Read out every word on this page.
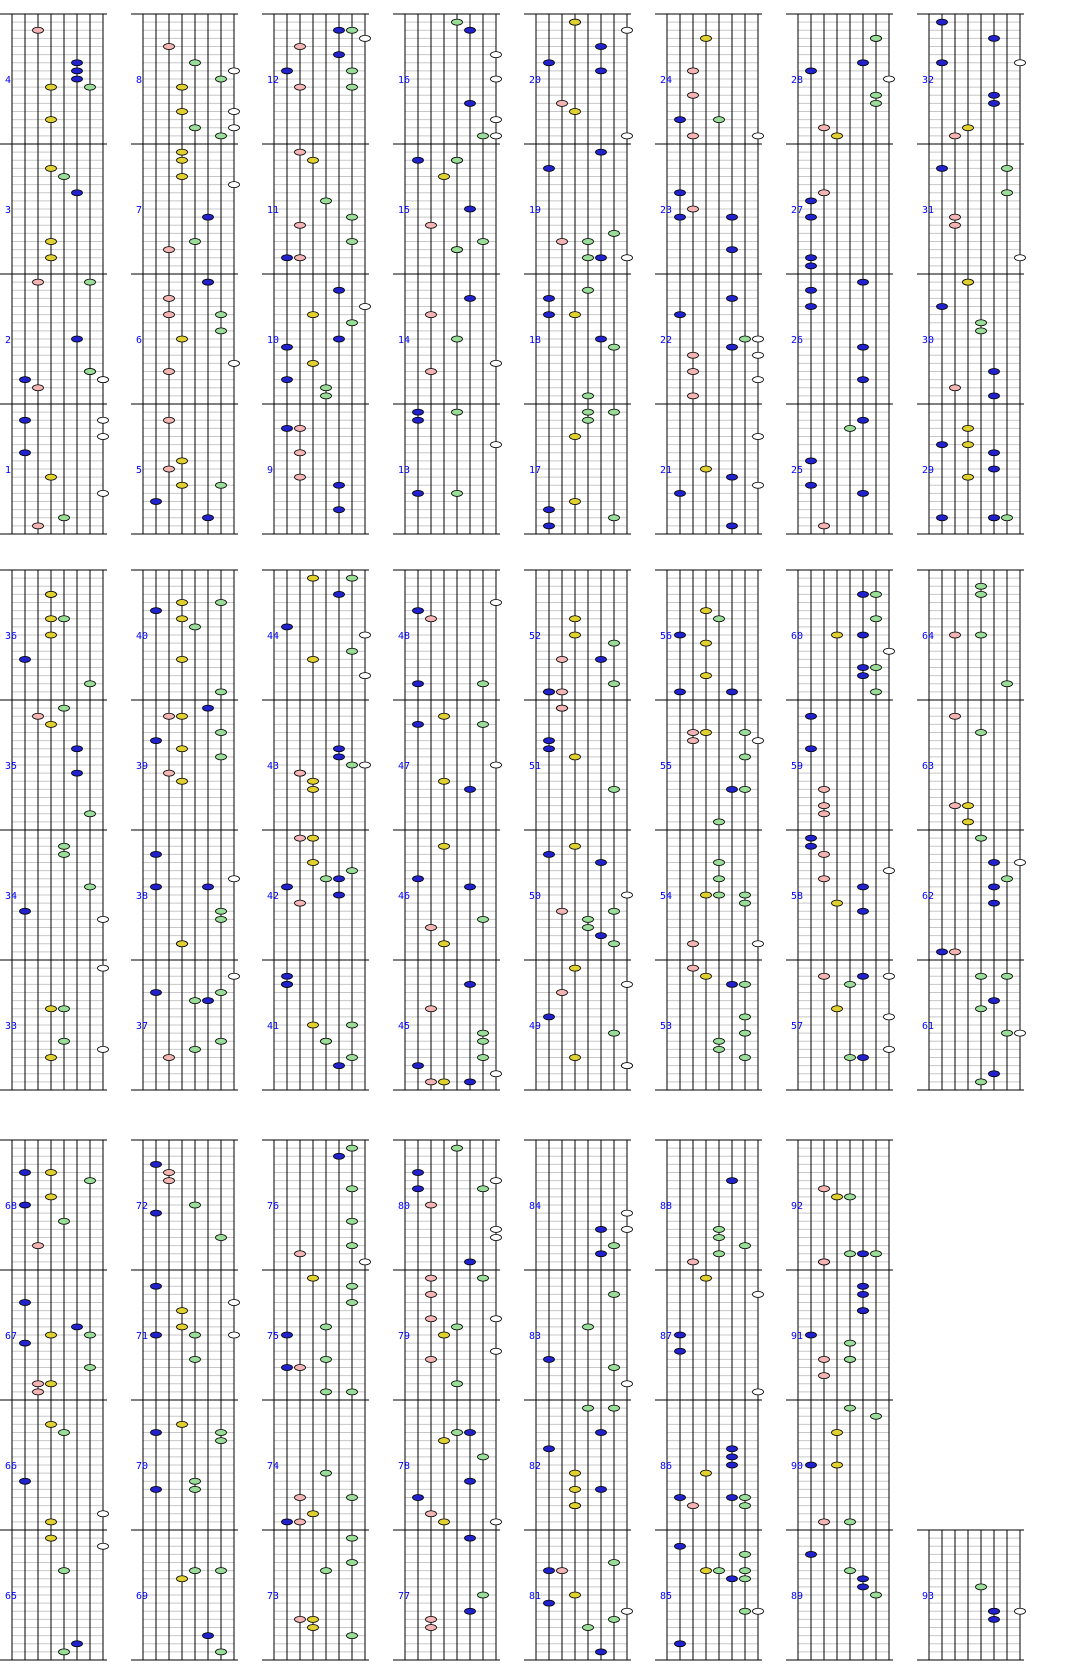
1
2
3
4
5
6
7
8
9
10
11
12
13
14
15
16
17
18
19
20
21
22
23
24
25
26
27
28
29
30
31
32
33
34
35
36
37
38
39
40
41
42
43
44
45
46
47
48
49
50
51
52
53
54
55
56
57
58
59
60
61
62
63
64
65
66
67
68
69
70
71
72
73
74
75
76
77
78
79
80
81
82
83
84
85
86
87
88
89
90
91
92
93
